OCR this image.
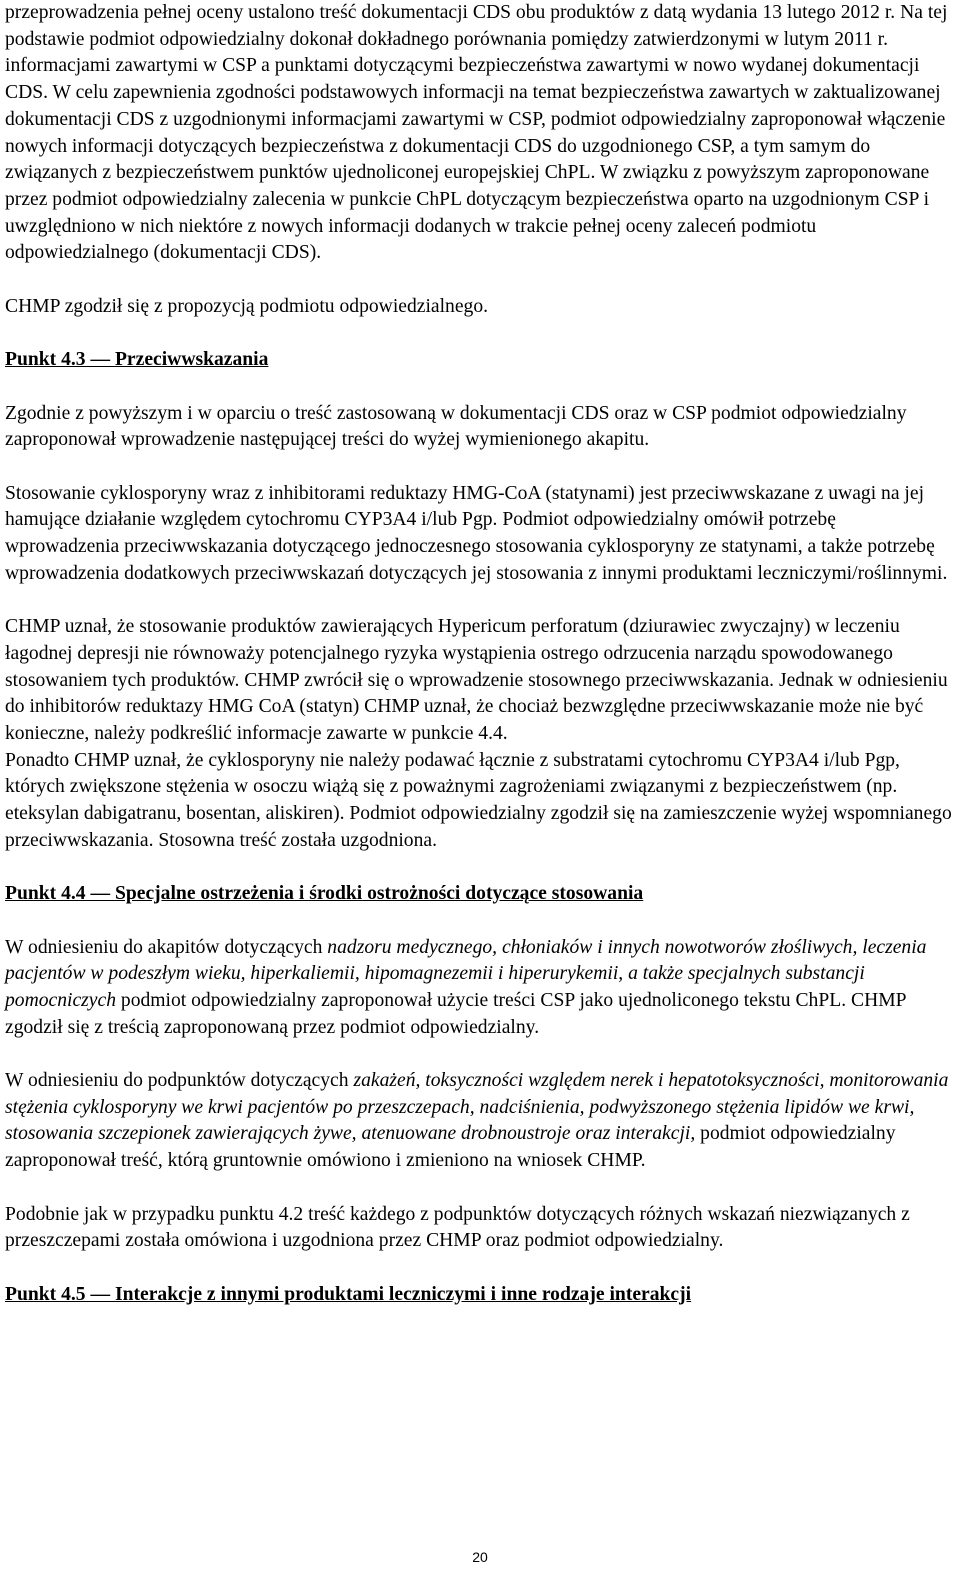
przeprowadzenia pełnej oceny ustalono treść dokumentacji CDS obu produktów z datą wydania 13 lutego 2012 r. Na tej podstawie podmiot odpowiedzialny dokonał dokładnego porównania pomiędzy zatwierdzonymi w lutym 2011 r. informacjami zawartymi w CSP a punktami dotyczącymi bezpieczeństwa zawartymi w nowo wydanej dokumentacji CDS. W celu zapewnienia zgodności podstawowych informacji na temat bezpieczeństwa zawartych w zaktualizowanej dokumentacji CDS z uzgodnionymi informacjami zawartymi w CSP, podmiot odpowiedzialny zaproponował włączenie nowych informacji dotyczących bezpieczeństwa z dokumentacji CDS do uzgodnionego CSP, a tym samym do związanych z bezpieczeństwem punktów ujednoliconej europejskiej ChPL. W związku z powyższym zaproponowane przez podmiot odpowiedzialny zalecenia w punkcie ChPL dotyczącym bezpieczeństwa oparto na uzgodnionym CSP i uwzględniono w nich niektóre z nowych informacji dodanych w trakcie pełnej oceny zaleceń podmiotu odpowiedzialnego (dokumentacji CDS).

CHMP zgodził się z propozycją podmiotu odpowiedzialnego.

Punkt 4.3 — Przeciwwskazania

Zgodnie z powyższym i w oparciu o treść zastosowaną w dokumentacji CDS oraz w CSP podmiot odpowiedzialny zaproponował wprowadzenie następującej treści do wyżej wymienionego akapitu.

Stosowanie cyklosporyny wraz z inhibitorami reduktazy HMG-CoA (statynami) jest przeciwwskazane z uwagi na jej hamujące działanie względem cytochromu CYP3A4 i/lub Pgp. Podmiot odpowiedzialny omówił potrzebę wprowadzenia przeciwwskazania dotyczącego jednoczesnego stosowania cyklosporyny ze statynami, a także potrzebę wprowadzenia dodatkowych przeciwwskazań dotyczących jej stosowania z innymi produktami leczniczymi/roślinnymi.

CHMP uznał, że stosowanie produktów zawierających Hypericum perforatum (dziurawiec zwyczajny) w leczeniu łagodnej depresji nie równoważy potencjalnego ryzyka wystąpienia ostrego odrzucenia narządu spowodowanego stosowaniem tych produktów. CHMP zwrócił się o wprowadzenie stosownego przeciwwskazania. Jednak w odniesieniu do inhibitorów reduktazy HMG CoA (statyn) CHMP uznał, że chociaż bezwzględne przeciwwskazanie może nie być konieczne, należy podkreślić informacje zawarte w punkcie 4.4.

Ponadto CHMP uznał, że cyklosporyny nie należy podawać łącznie z substratami cytochromu CYP3A4 i/lub Pgp, których zwiększone stężenia w osoczu wiążą się z poważnymi zagrożeniami związanymi z bezpieczeństwem (np. eteksylan dabigatranu, bosentan, aliskiren). Podmiot odpowiedzialny zgodził się na zamieszczenie wyżej wspomnianego przeciwwskazania. Stosowna treść została uzgodniona.

Punkt 4.4 — Specjalne ostrzeżenia i środki ostrożności dotyczące stosowania

W odniesieniu do akapitów dotyczących nadzoru medycznego, chłoniaków i innych nowotworów złośliwych, leczenia pacjentów w podeszłym wieku, hiperkaliemii, hipomagnezemii i hiperurykemii, a także specjalnych substancji pomocniczych podmiot odpowiedzialny zaproponował użycie treści CSP jako ujednoliconego tekstu ChPL. CHMP zgodził się z treścią zaproponowaną przez podmiot odpowiedzialny.

W odniesieniu do podpunktów dotyczących zakażeń, toksyczności względem nerek i hepatotoksyczności, monitorowania stężenia cyklosporyny we krwi pacjentów po przeszczepach, nadciśnienia, podwyższonego stężenia lipidów we krwi, stosowania szczepionek zawierających żywe, atenuowane drobnoustroje oraz interakcji, podmiot odpowiedzialny zaproponował treść, którą gruntownie omówiono i zmieniono na wniosek CHMP.

Podobnie jak w przypadku punktu 4.2 treść każdego z podpunktów dotyczących różnych wskazań niezwiązanych z przeszczepami została omówiona i uzgodniona przez CHMP oraz podmiot odpowiedzialny.

Punkt 4.5 — Interakcje z innymi produktami leczniczymi i inne rodzaje interakcji

20
